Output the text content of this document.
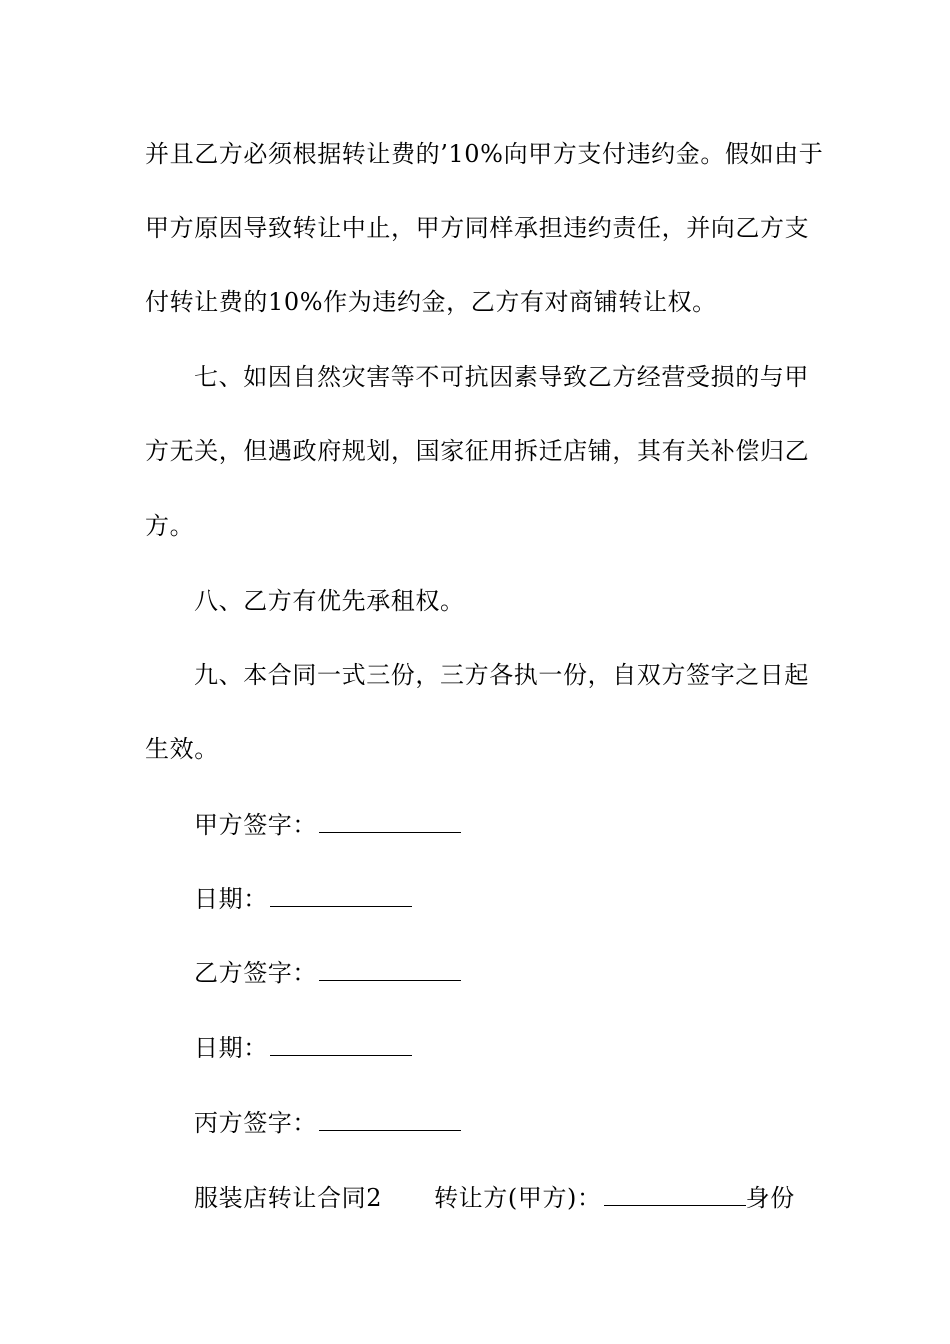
并且乙方必须根据转让费的’10%向甲方支付违约金。假如由于
甲方原因导致转让中止，甲方同样承担违约责任，并向乙方支
付转让费的10%作为违约金，乙方有对商铺转让权。
七、如因自然灾害等不可抗因素导致乙方经营受损的与甲
方无关，但遇政府规划，国家征用拆迁店铺，其有关补偿归乙
方。
八、乙方有优先承租权。
九、本合同一式三份，三方各执一份，自双方签字之日起
生效。
甲方签字：
日期：
乙方签字：
日期：
丙方签字：
服装店转让合同2 转让方(甲方)：	身份
